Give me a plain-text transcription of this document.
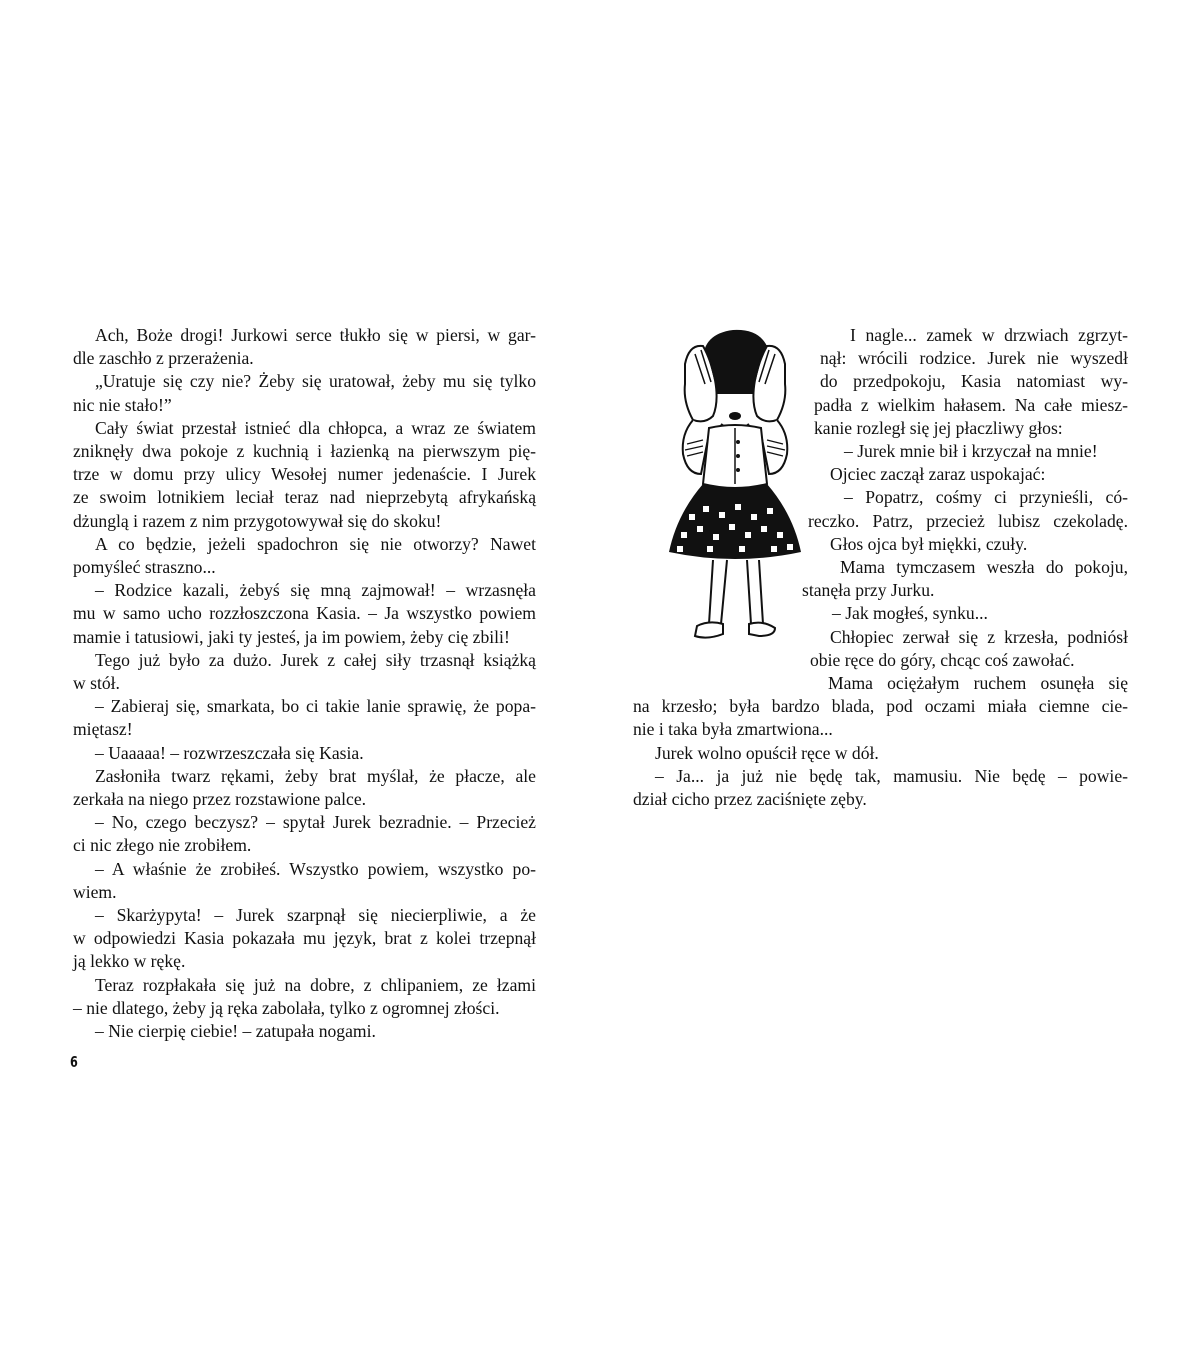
Ach, Boże drogi! Jurkowi serce tłukło się w piersi, w gar-
dle zaschło z przerażenia.
„Uratuje się czy nie? Żeby się uratował, żeby mu się tylko
nic nie stało!”
Cały świat przestał istnieć dla chłopca, a wraz ze światem
zniknęły dwa pokoje z kuchnią i łazienką na pierwszym pię-
trze w domu przy ulicy Wesołej numer jedenaście. I Jurek
ze swoim lotnikiem leciał teraz nad nieprzebytą afrykańską
dżunglą i razem z nim przygotowywał się do skoku!
A co będzie, jeżeli spadochron się nie otworzy? Nawet
pomyśleć strasznо...
– Rodzice kazali, żebyś się mną zajmował! – wrzasnęła
mu w samo ucho rozzłoszczona Kasia. – Ja wszystko powiem
mamie i tatusiowi, jaki ty jesteś, ja im powiem, żeby cię zbili!
Tego już było za dużo. Jurek z całej siły trzasnął książką
w stół.
– Zabieraj się, smarkata, bo ci takie lanie sprawię, że popa-
miętasz!
– Uaaaaa! – rozwrzeszczała się Kasia.
Zasłoniła twarz rękami, żeby brat myślał, że płacze, ale
zerkała na niego przez rozstawione palce.
– No, czego beczysz? – spytał Jurek bezradnie. – Przecież
ci nic złego nie zrobiłem.
– A właśnie że zrobiłeś. Wszystko powiem, wszystko po-
wiem.
– Skarżypyta! – Jurek szarpnął się niecierpliwie, a że
w odpowiedzi Kasia pokazała mu język, brat z kolei trzepnął
ją lekko w rękę.
Teraz rozpłakała się już na dobre, z chlipaniem, ze łzami
– nie dlatego, żeby ją ręka zabolała, tylko z ogromnej złości.
– Nie cierpię ciebie! – zatupała nogami.
I nagle... zamek w drzwiach zgrzyt-
nął: wrócili rodzice. Jurek nie wyszedł
do przedpokoju, Kasia natomiast wy-
padła z wielkim hałasem. Na całe miesz-
kanie rozległ się jej płaczliwy głos:
– Jurek mnie bił i krzyczał na mnie!
Ojciec zaczął zaraz uspokajać:
– Popatrz, cośmy ci przynieśli, có-
reczko. Patrz, przecież lubisz czekoladę.
Głos ojca był miękki, czuły.
Mama tymczasem weszła do pokoju,
stanęła przy Jurku.
– Jak mogłeś, synku...
Chłopiec zerwał się z krzesła, podniósł
obie ręce do góry, chcąc coś zawołać.
Mama ociężałym ruchem osunęła się
na krzesło; była bardzo blada, pod oczami miała ciemne cie-
nie i taka była zmartwiona...
Jurek wolno opuścił ręce w dół.
– Ja... ja już nie będę tak, mamusiu. Nie będę – powie-
dział cicho przez zaciśnięte zęby.
6
